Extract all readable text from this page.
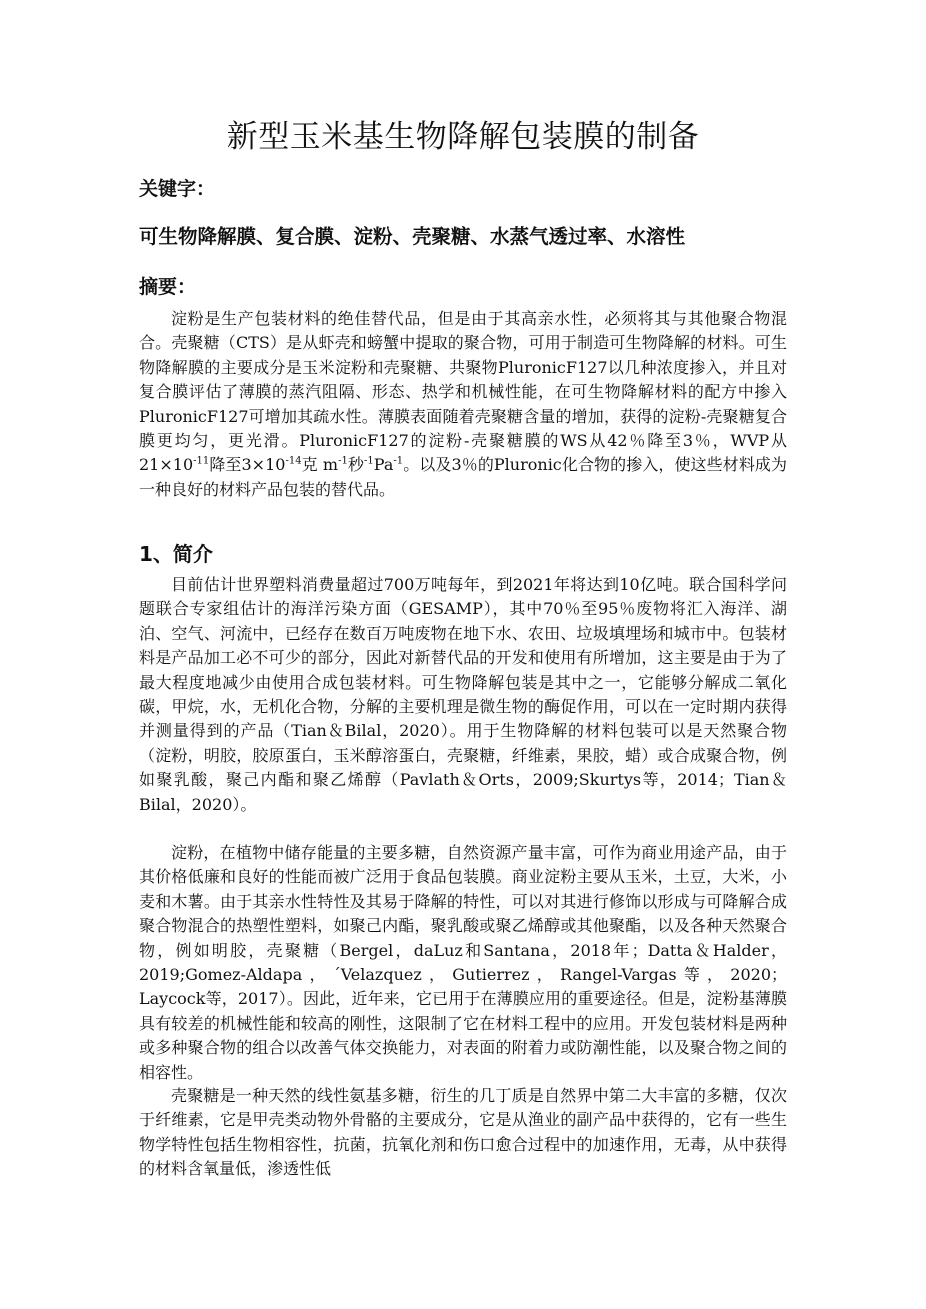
新型玉米基生物降解包装膜的制备

关键字：

可生物降解膜、复合膜、淀粉、壳聚糖、水蒸气透过率、水溶性

摘要：

淀粉是生产包装材料的绝佳替代品，但是由于其高亲水性，必须将其与其他聚合物混合。壳聚糖（CTS）是从虾壳和螃蟹中提取的聚合物，可用于制造可生物降解的材料。可生物降解膜的主要成分是玉米淀粉和壳聚糖、共聚物PluronicF127以几种浓度掺入，并且对复合膜评估了薄膜的蒸汽阻隔、形态、热学和机械性能，在可生物降解材料的配方中掺入PluronicF127可增加其疏水性。薄膜表面随着壳聚糖含量的增加，获得的淀粉-壳聚糖复合膜更均匀，更光滑。PluronicF127的淀粉-壳聚糖膜的WS从42％降至3％，WVP从$21\times 10^{-11}$降至$3\times 10^{-14}$克 $m^{-1}$秒$^{-1}Pa^{-1}$。以及3％的Pluronic化合物的掺入，使这些材料成为一种良好的材料产品包装的替代品。

1、简介

目前估计世界塑料消费量超过700万吨每年，到2021年将达到10亿吨。联合国科学问题联合专家组估计的海洋污染方面（GESAMP），其中70％至95％废物将汇入海洋、湖泊、空气、河流中，已经存在数百万吨废物在地下水、农田、垃圾填埋场和城市中。包装材料是产品加工必不可少的部分，因此对新替代品的开发和使用有所增加，这主要是由于为了最大程度地减少由使用合成包装材料。可生物降解包装是其中之一，它能够分解成二氧化碳，甲烷，水，无机化合物，分解的主要机理是微生物的酶促作用，可以在一定时期内获得并测量得到的产品（Tian＆Bilal，2020）。用于生物降解的材料包装可以是天然聚合物（淀粉，明胶，胶原蛋白，玉米醇溶蛋白，壳聚糖，纤维素，果胶，蜡）或合成聚合物，例如聚乳酸，聚己内酯和聚乙烯醇（Pavlath＆Orts，2009;Skurtys等，2014；Tian＆Bilal，2020）。

淀粉，在植物中储存能量的主要多糖，自然资源产量丰富，可作为商业用途产品，由于其价格低廉和良好的性能而被广泛用于食品包装膜。商业淀粉主要从玉米，土豆，大米，小麦和木薯。由于其亲水性特性及其易于降解的特性，可以对其进行修饰以形成与可降解合成聚合物混合的热塑性塑料，如聚己内酯，聚乳酸或聚乙烯醇或其他聚酯，以及各种天然聚合物，例如明胶，壳聚糖（Bergel，daLuz和Santana，2018年；Datta＆Halder，2019;Gomez-Aldapa，´Velazquez，Gutierrez，Rangel-Vargas等，2020；Laycock等，2017）。因此，近年来，它已用于在薄膜应用的重要途径。但是，淀粉基薄膜具有较差的机械性能和较高的刚性，这限制了它在材料工程中的应用。开发包装材料是两种或多种聚合物的组合以改善气体交换能力，对表面的附着力或防潮性能，以及聚合物之间的相容性。

壳聚糖是一种天然的线性氨基多糖，衍生的几丁质是自然界中第二大丰富的多糖，仅次于纤维素，它是甲壳类动物外骨骼的主要成分，它是从渔业的副产品中获得的，它有一些生物学特性包括生物相容性，抗菌，抗氧化剂和伤口愈合过程中的加速作用，无毒，从中获得的材料含氧量低，渗透性低
